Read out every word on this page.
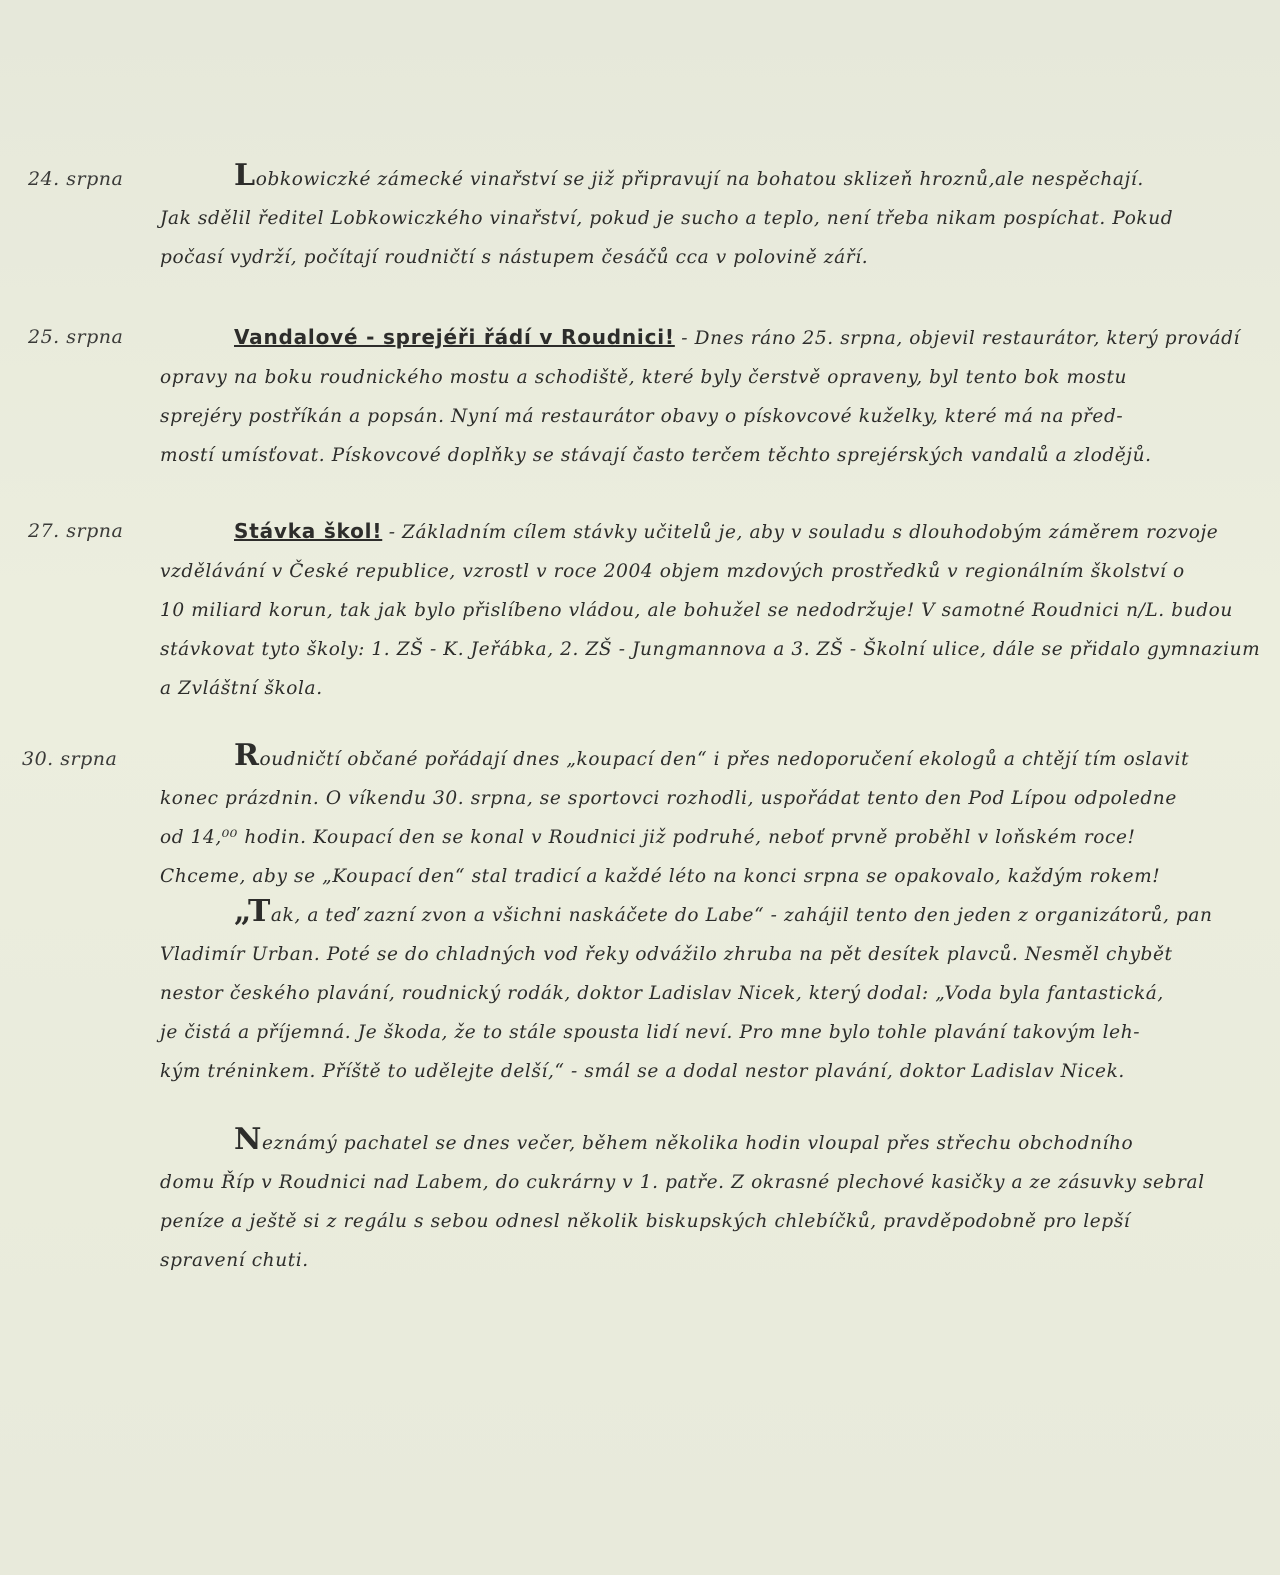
24. srpna	Lobkowiczké zámecké vinařství se již připravují na bohatou sklizeň hroznů,ale nespěchají.
Jak sdělil ředitel Lobkowiczkého vinařství, pokud je sucho a teplo, není třeba nikam pospíchat. Pokud
počasí vydrží, počítají roudničtí s nástupem česáčů cca v polovině září.
25. srpna	Vandalové - sprejéři řádí v Roudnici! - Dnes ráno 25. srpna, objevil restaurátor, který provádí
opravy na boku roudnického mostu a schodiště, které byly čerstvě opraveny, byl tento bok mostu
sprejéry postříkán a popsán. Nyní má restaurátor obavy o pískovcové kuželky, které má na před-
mostí umísťovat. Pískovcové doplňky se stávají často terčem těchto sprejérských vandalů a zlodějů.
27. srpna	Stávka škol! - Základním cílem stávky učitelů je, aby v souladu s dlouhodobým záměrem rozvoje
vzdělávání v České republice, vzrostl v roce 2004 objem mzdových prostředků v regionálním školství o
10 miliard korun, tak jak bylo přislíbeno vládou, ale bohužel se nedodržuje! V samotné Roudnici n/L. budou
stávkovat tyto školy: 1. ZŠ - K. Jeřábka, 2. ZŠ - Jungmannova a 3. ZŠ - Školní ulice, dále se přidalo gymnazium
a Zvláštní škola.
30. srpna	Roudničtí občané pořádají dnes „koupací den“ i přes nedoporučení ekologů a chtějí tím oslavit
konec prázdnin. O víkendu 30. srpna, se sportovci rozhodli, uspořádat tento den Pod Lípou odpoledne
od 14,⁰⁰ hodin. Koupací den se konal v Roudnici již podruhé, neboť prvně proběhl v loňském roce!
Chceme, aby se „Koupací den“ stal tradicí a každé léto na konci srpna se opakovalo, každým rokem!
„Tak, a teď zazní zvon a všichni naskáčete do Labe“ - zahájil tento den jeden z organizátorů, pan
Vladimír Urban. Poté se do chladných vod řeky odvážilo zhruba na pět desítek plavců. Nesměl chybět
nestor českého plavání, roudnický rodák, doktor Ladislav Nicek, který dodal: „Voda byla fantastická,
je čistá a příjemná. Je škoda, že to stále spousta lidí neví. Pro mne bylo tohle plavání takovým leh-
kým tréninkem. Příště to udělejte delší,“ - smál se a dodal nestor plavání, doktor Ladislav Nicek.
Neznámý pachatel se dnes večer, během několika hodin vloupal přes střechu obchodního
domu Říp v Roudnici nad Labem, do cukrárny v 1. patře. Z okrasné plechové kasičky a ze zásuvky sebral
peníze a ještě si z regálu s sebou odnesl několik biskupských chlebíčků, pravděpodobně pro lepší
spravení chuti.
